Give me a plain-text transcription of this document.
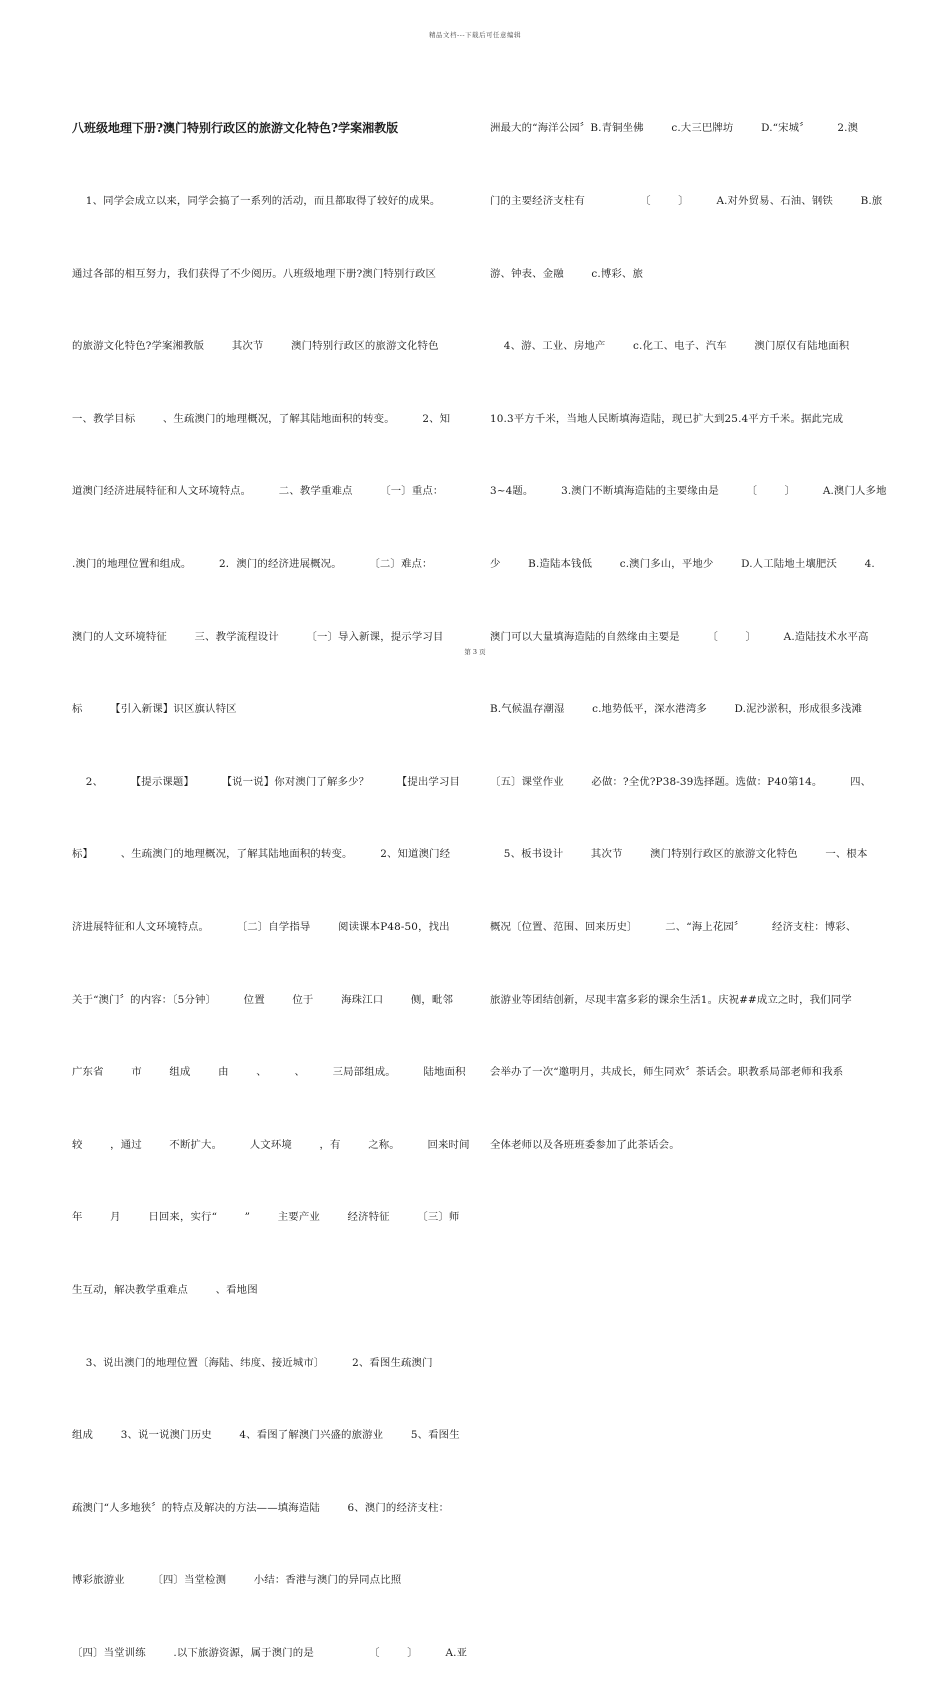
精品文档---下载后可任意编辑

八班级地理下册?澳门特别行政区的旅游文化特色?学案湘教版

1、同学会成立以来，同学会搞了一系列的活动，而且都取得了较好的成果。

通过各部的相互努力，我们获得了不少阅历。八班级地理下册?澳门特别行政区

的旅游文化特色?学案湘教版        其次节        澳门特别行政区的旅游文化特色

一、教学目标        、生疏澳门的地理概况，了解其陆地面积的转变。        2、知

道澳门经济进展特征和人文环境特点。        二、教学重难点        〔一〕重点：

.澳门的地理位置和组成。        2．澳门的经济进展概况。        〔二〕难点：

澳门的人文环境特征        三、教学流程设计        〔一〕导入新课，提示学习目

标        【引入新课】识区旗认特区

2、        【提示课题】        【说一说】你对澳门了解多少？        【提出学习目

标】        、生疏澳门的地理概况，了解其陆地面积的转变。        2、知道澳门经

济进展特征和人文环境特点。        〔二〕自学指导        阅读课本P48-50，找出

关于“澳门〞的内容：〔5分钟〕        位置        位于        海珠江口        侧，毗邻

广东省        市        组成        由        、        、        三局部组成。        陆地面积

较        ，通过        不断扩大。        人文环境        ，有        之称。        回来时间

年        月        日回来，实行“        ”        主要产业        经济特征        〔三〕师

生互动，解决教学重难点        、看地图

3、说出澳门的地理位置〔海陆、纬度、接近城市〕        2、看图生疏澳门

组成        3、说一说澳门历史        4、看图了解澳门兴盛的旅游业        5、看图生

疏澳门“人多地狭〞的特点及解决的方法——填海造陆        6、澳门的经济支柱：

博彩旅游业        〔四〕当堂检测        小结：香港与澳门的异同点比照

〔四〕当堂训练        .以下旅游资源，属于澳门的是                〔        〕        A.亚

洲最大的“海洋公园〞B.青铜坐佛        c.大三巴牌坊        D.“宋城〞        2.澳

门的主要经济支柱有                〔        〕        A.对外贸易、石油、钢铁        B.旅

游、钟表、金融        c.博彩、旅

4、游、工业、房地产        c.化工、电子、汽车        澳门原仅有陆地面积

10.3平方千米，当地人民断填海造陆，现已扩大到25.4平方千米。据此完成

3~4题。        3.澳门不断填海造陆的主要缘由是        〔        〕        A.澳门人多地

少        B.造陆本钱低        c.澳门多山，平地少        D.人工陆地土壤肥沃        4.

澳门可以大量填海造陆的自然缘由主要是        〔        〕        A.造陆技术水平高

B.气候温存潮湿        c.地势低平，深水港湾多        D.泥沙淤积，形成很多浅滩

〔五〕课堂作业        必做：?全优?P38-39选择题。选做：P40第14。        四、

5、板书设计        其次节        澳门特别行政区的旅游文化特色        一、根本

概况〔位置、范围、回来历史〕        二、“海上花园〞        经济支柱：博彩、

旅游业等团结创新，尽现丰富多彩的课余生活1。庆祝##成立之时，我们同学

会举办了一次“邀明月，共成长，师生同欢〞茶话会。职教系局部老师和我系

全体老师以及各班班委参加了此茶话会。

第 3 页
